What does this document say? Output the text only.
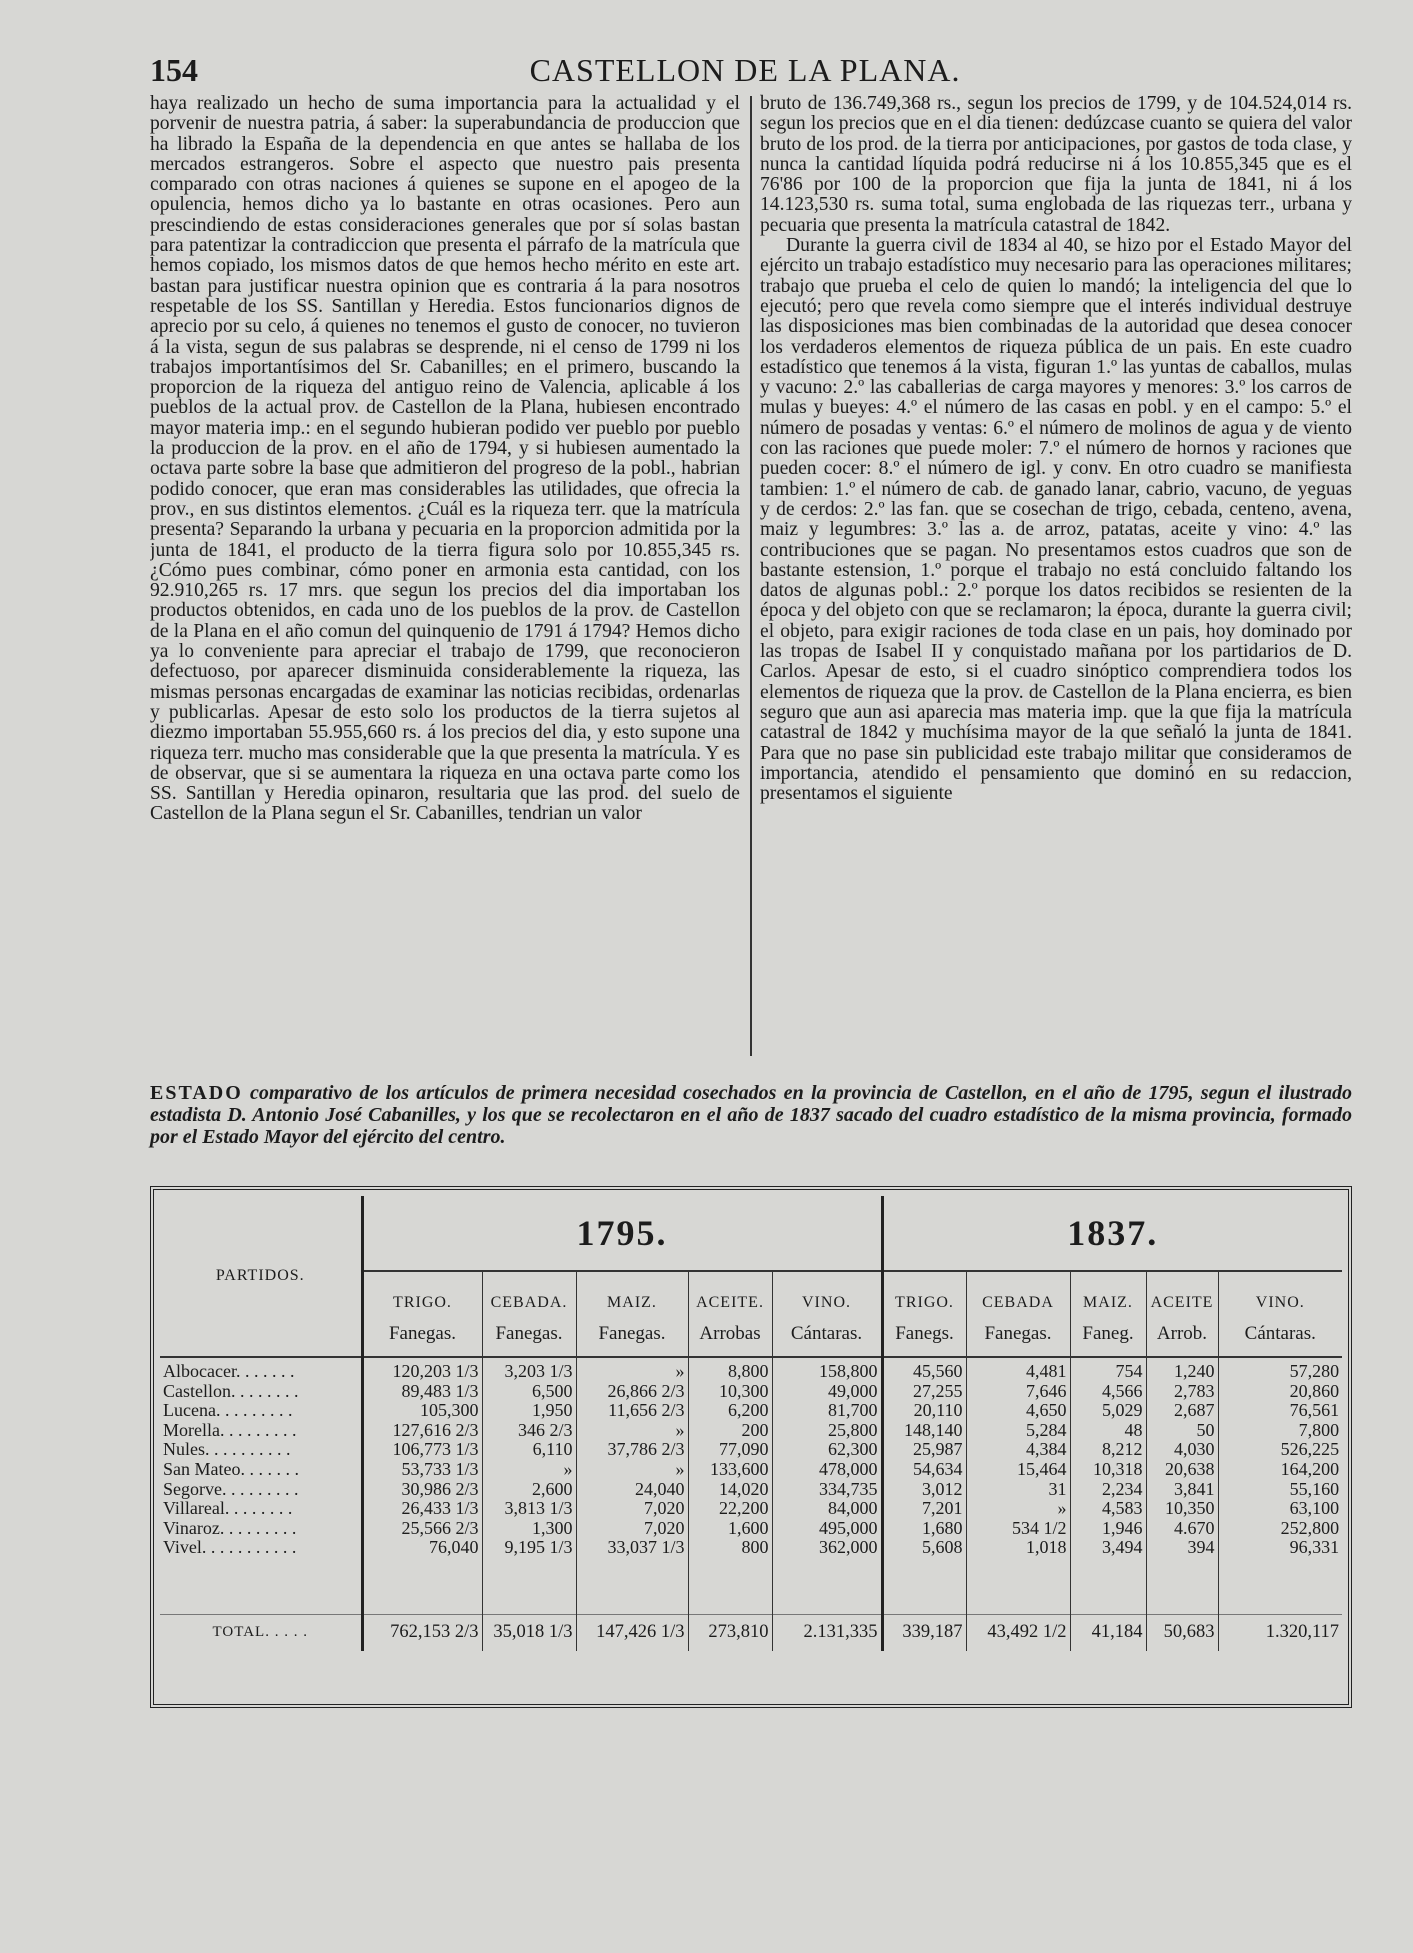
CASTELLON DE LA PLANA.
154

haya realizado un hecho de suma importancia para la actualidad y el porvenir de nuestra patria, á saber: la superabundancia de produccion que ha librado la España de la dependencia en que antes se hallaba de los mercados estrangeros. Sobre el aspecto que nuestro pais presenta comparado con otras naciones á quienes se supone en el apogeo de la opulencia, hemos dicho ya lo bastante en otras ocasiones. Pero aun prescindiendo de estas consideraciones generales que por sí solas bastan para patentizar la contradiccion que presenta el párrafo de la matrícula que hemos copiado, los mismos datos de que hemos hecho mérito en este art. bastan para justificar nuestra opinion que es contraria á la para nosotros respetable de los SS. Santillan y Heredia. Estos funcionarios dignos de aprecio por su celo, á quienes no tenemos el gusto de conocer, no tuvieron á la vista, segun de sus palabras se desprende, ni el censo de 1799 ni los trabajos importantísimos del Sr. Cabanilles; en el primero, buscando la proporcion de la riqueza del antiguo reino de Valencia, aplicable á los pueblos de la actual prov. de Castellon de la Plana, hubiesen encontrado mayor materia imp.: en el segundo hubieran podido ver pueblo por pueblo la produccion de la prov. en el año de 1794, y si hubiesen aumentado la octava parte sobre la base que admitieron del progreso de la pobl., habrian podido conocer, que eran mas considerables las utilidades, que ofrecia la prov., en sus distintos elementos. ¿Cuál es la riqueza terr. que la matrícula presenta? Separando la urbana y pecuaria en la proporcion admitida por la junta de 1841, el producto de la tierra figura solo por 10.855,345 rs. ¿Cómo pues combinar, cómo poner en armonia esta cantidad, con los 92.910,265 rs. 17 mrs. que segun los precios del dia importaban los productos obtenidos, en cada uno de los pueblos de la prov. de Castellon de la Plana en el año comun del quinquenio de 1791 á 1794? Hemos dicho ya lo conveniente para apreciar el trabajo de 1799, que reconocieron defectuoso, por aparecer disminuida considerablemente la riqueza, las mismas personas encargadas de examinar las noticias recibidas, ordenarlas y publicarlas. Apesar de esto solo los productos de la tierra sujetos al diezmo importaban 55.955,660 rs. á los precios del dia, y esto supone una riqueza terr. mucho mas considerable que la que presenta la matrícula. Y es de observar, que si se aumentara la riqueza en una octava parte como los SS. Santillan y Heredia opinaron, resultaria que las prod. del suelo de Castellon de la Plana segun el Sr. Cabanilles, tendrian un valor

bruto de 136.749,368 rs., segun los precios de 1799, y de 104.524,014 rs. segun los precios que en el dia tienen: dedúzcase cuanto se quiera del valor bruto de los prod. de la tierra por anticipaciones, por gastos de toda clase, y nunca la cantidad líquida podrá reducirse ni á los 10.855,345 que es el 76'86 por 100 de la proporcion que fija la junta de 1841, ni á los 14.123,530 rs. suma total, suma englobada de las riquezas terr., urbana y pecuaria que presenta la matrícula catastral de 1842.

Durante la guerra civil de 1834 al 40, se hizo por el Estado Mayor del ejército un trabajo estadístico muy necesario para las operaciones militares; trabajo que prueba el celo de quien lo mandó; la inteligencia del que lo ejecutó; pero que revela como siempre que el interés individual destruye las disposiciones mas bien combinadas de la autoridad que desea conocer los verdaderos elementos de riqueza pública de un pais. En este cuadro estadístico que tenemos á la vista, figuran 1.º las yuntas de caballos, mulas y vacuno: 2.º las caballerias de carga mayores y menores: 3.º los carros de mulas y bueyes: 4.º el número de las casas en pobl. y en el campo: 5.º el número de posadas y ventas: 6.º el número de molinos de agua y de viento con las raciones que puede moler: 7.º el número de hornos y raciones que pueden cocer: 8.º el número de igl. y conv. En otro cuadro se manifiesta tambien: 1.º el número de cab. de ganado lanar, cabrio, vacuno, de yeguas y de cerdos: 2.º las fan. que se cosechan de trigo, cebada, centeno, avena, maiz y legumbres: 3.º las a. de arroz, patatas, aceite y vino: 4.º las contribuciones que se pagan. No presentamos estos cuadros que son de bastante estension, 1.º porque el trabajo no está concluido faltando los datos de algunas pobl.: 2.º porque los datos recibidos se resienten de la época y del objeto con que se reclamaron; la época, durante la guerra civil; el objeto, para exigir raciones de toda clase en un pais, hoy dominado por las tropas de Isabel II y conquistado mañana por los partidarios de D. Carlos. Apesar de esto, si el cuadro sinóptico comprendiera todos los elementos de riqueza que la prov. de Castellon de la Plana encierra, es bien seguro que aun asi aparecia mas materia imp. que la que fija la matrícula catastral de 1842 y muchísima mayor de la que señaló la junta de 1841. Para que no pase sin publicidad este trabajo militar que consideramos de importancia, atendido el pensamiento que dominó en su redaccion, presentamos el siguiente

ESTADO comparativo de los artículos de primera necesidad cosechados en la provincia de Castellon, en el año de 1795, segun el ilustrado estadista D. Antonio José Cabanilles, y los que se recolectaron en el año de 1837 sacado del cuadro estadístico de la misma provincia, formado por el Estado Mayor del ejército del centro.
PARTIDOS.	1795.					1837.				
	TRIGO.	CEBADA.	MAIZ.	ACEITE.	VINO.	TRIGO.	CEBADA	MAIZ.	ACEITE	VINO.
	Fanegas.	Fanegas.	Fanegas.	Arrobas	Cántaras.	Fanegs.	Fanegas.	Faneg.	Arrob.	Cántaras.
Albocacer. . . . . . .	120,203 1/3	3,203 1/3	»	8,800	158,800	45,560	4,481	754	1,240	57,280
Castellon. . . . . . . .	89,483 1/3	6,500	26,866 2/3	10,300	49,000	27,255	7,646	4,566	2,783	20,860
Lucena. . . . . . . . .	105,300	1,950	11,656 2/3	6,200	81,700	20,110	4,650	5,029	2,687	76,561
Morella. . . . . . . . .	127,616 2/3	346 2/3	»	200	25,800	148,140	5,284	48	50	7,800
Nules. . . . . . . . . .	106,773 1/3	6,110	37,786 2/3	77,090	62,300	25,987	4,384	8,212	4,030	526,225
San Mateo. . . . . . .	53,733 1/3	»	»	133,600	478,000	54,634	15,464	10,318	20,638	164,200
Segorve. . . . . . . . .	30,986 2/3	2,600	24,040	14,020	334,735	3,012	31	2,234	3,841	55,160
Villareal. . . . . . . .	26,433 1/3	3,813 1/3	7,020	22,200	84,000	7,201	»	4,583	10,350	63,100
Vinaroz. . . . . . . . .	25,566 2/3	1,300	7,020	1,600	495,000	1,680	534 1/2	1,946	4.670	252,800
Vivel. . . . . . . . . . .	76,040	9,195 1/3	33,037 1/3	800	362,000	5,608	1,018	3,494	394	96,331

TOTAL. . . . .	762,153 2/3	35,018 1/3	147,426 1/3	273,810	2.131,335	339,187	43,492 1/2	41,184	50,683	1.320,117
